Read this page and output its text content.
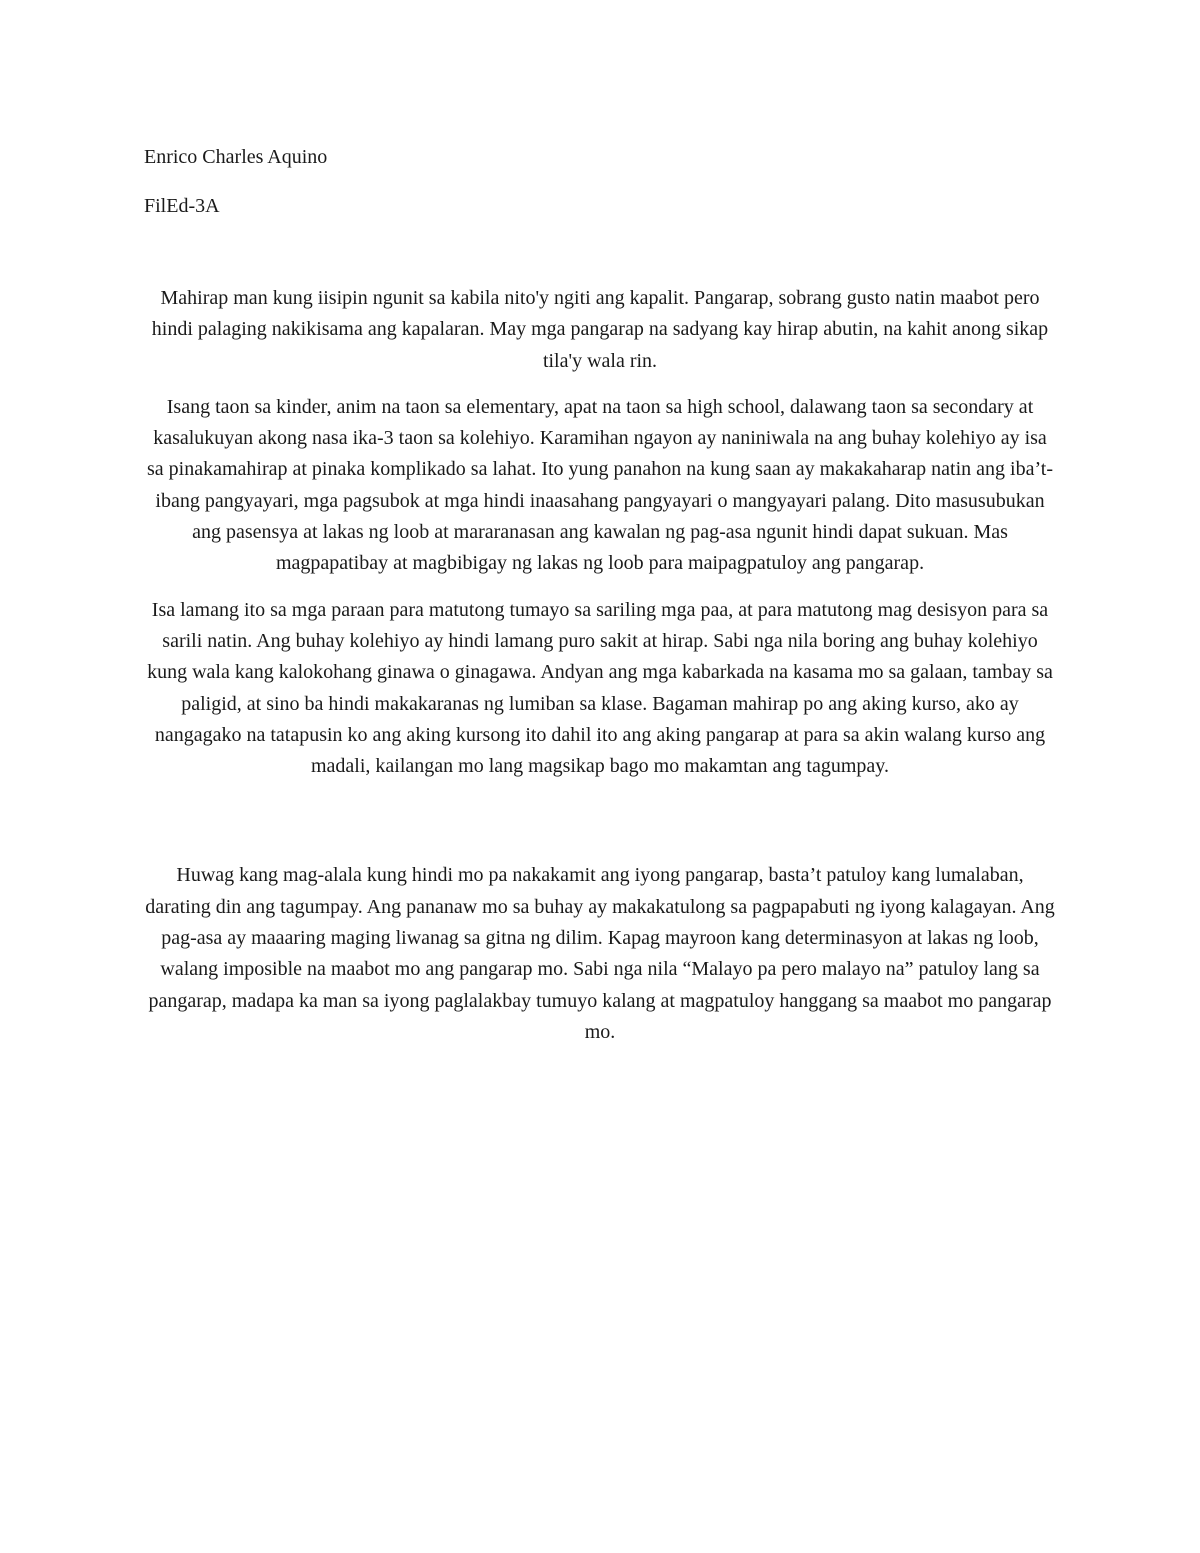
Enrico Charles Aquino
FilEd-3A

Mahirap man kung iisipin ngunit sa kabila nito'y ngiti ang kapalit. Pangarap, sobrang gusto natin maabot pero hindi palaging nakikisama ang kapalaran. May mga pangarap na sadyang kay hirap abutin, na kahit anong sikap tila'y wala rin.

Isang taon sa kinder, anim na taon sa elementary, apat na taon sa high school, dalawang taon sa secondary at kasalukuyan akong nasa ika-3 taon sa kolehiyo. Karamihan ngayon ay naniniwala na ang buhay kolehiyo ay isa sa pinakamahirap at pinaka komplikado sa lahat. Ito yung panahon na kung saan ay makakaharap natin ang iba’t-ibang pangyayari, mga pagsubok at mga hindi inaasahang pangyayari o mangyayari palang. Dito masusubukan ang pasensya at lakas ng loob at mararanasan ang kawalan ng pag-asa ngunit hindi dapat sukuan. Mas magpapatibay at magbibigay ng lakas ng loob para maipagpatuloy ang pangarap.

Isa lamang ito sa mga paraan para matutong tumayo sa sariling mga paa, at para matutong mag desisyon para sa sarili natin. Ang buhay kolehiyo ay hindi lamang puro sakit at hirap. Sabi nga nila boring ang buhay kolehiyo kung wala kang kalokohang ginawa o ginagawa. Andyan ang mga kabarkada na kasama mo sa galaan, tambay sa paligid, at sino ba hindi makakaranas ng lumiban sa klase. Bagaman mahirap po ang aking kurso, ako ay nangagako na tatapusin ko ang aking kursong ito dahil ito ang aking pangarap at para sa akin walang kurso ang madali, kailangan mo lang magsikap bago mo makamtan ang tagumpay.

Huwag kang mag-alala kung hindi mo pa nakakamit ang iyong pangarap, basta’t patuloy kang lumalaban, darating din ang tagumpay. Ang pananaw mo sa buhay ay makakatulong sa pagpapabuti ng iyong kalagayan. Ang pag-asa ay maaaring maging liwanag sa gitna ng dilim. Kapag mayroon kang determinasyon at lakas ng loob, walang imposible na maabot mo ang pangarap mo. Sabi nga nila “Malayo pa pero malayo na” patuloy lang sa pangarap, madapa ka man sa iyong paglalakbay tumuyo kalang at magpatuloy hanggang sa maabot mo pangarap mo.
